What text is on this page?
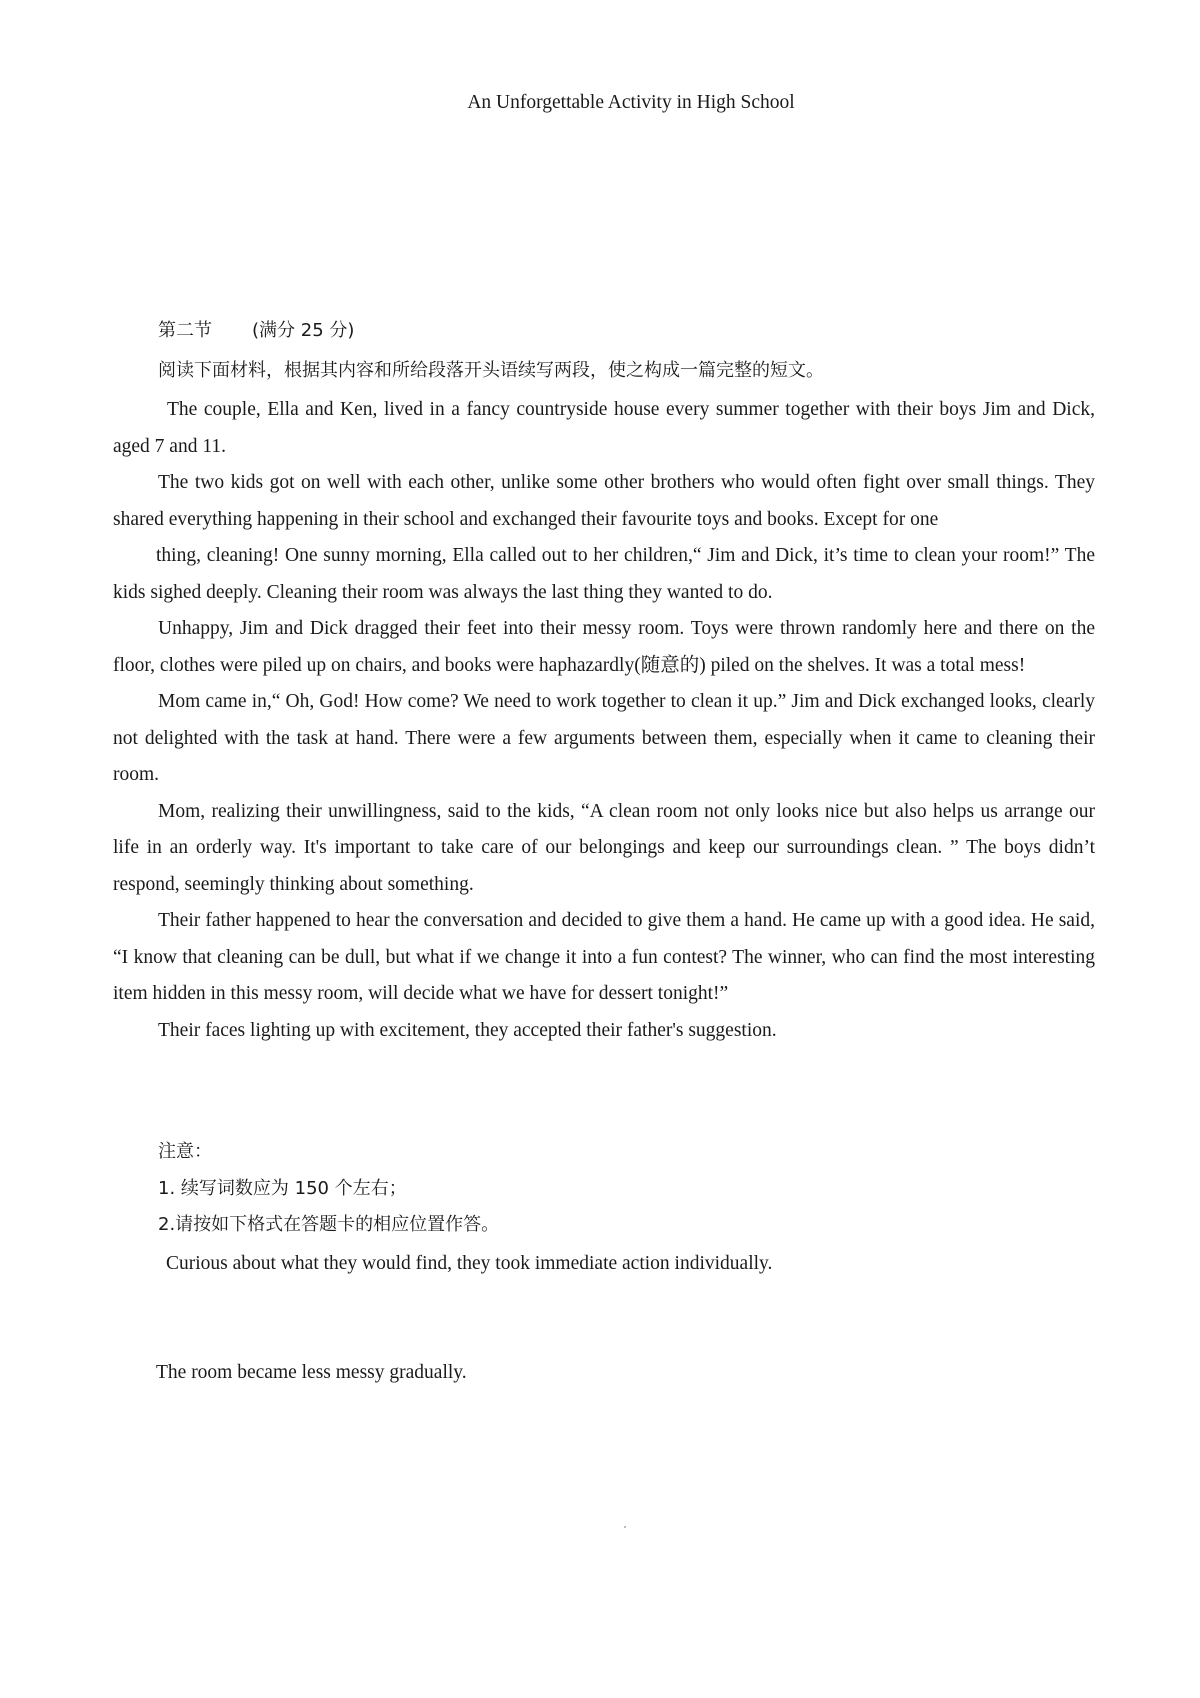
An Unforgettable Activity in High School
第二节 (满分 25 分)
阅读下面材料，根据其内容和所给段落开头语续写两段，使之构成一篇完整的短文。

The couple, Ella and Ken, lived in a fancy countryside house every summer together with their boys Jim and Dick, aged 7 and 11.

The two kids got on well with each other, unlike some other brothers who would often fight over small things. They shared everything happening in their school and exchanged their favourite toys and books. Except for one

thing, cleaning! One sunny morning, Ella called out to her children,“ Jim and Dick, it’s time to clean your room!” The kids sighed deeply. Cleaning their room was always the last thing they wanted to do.

Unhappy, Jim and Dick dragged their feet into their messy room. Toys were thrown randomly here and there on the floor, clothes were piled up on chairs, and books were haphazardly(随意的) piled on the shelves. It was a total mess!

Mom came in,“ Oh, God! How come? We need to work together to clean it up.” Jim and Dick exchanged looks, clearly not delighted with the task at hand. There were a few arguments between them, especially when it came to cleaning their room.

Mom, realizing their unwillingness, said to the kids, “A clean room not only looks nice but also helps us arrange our life in an orderly way. It's important to take care of our belongings and keep our surroundings clean. ” The boys didn’t respond, seemingly thinking about something.

Their father happened to hear the conversation and decided to give them a hand. He came up with a good idea. He said, “I know that cleaning can be dull, but what if we change it into a fun contest? The winner, who can find the most interesting item hidden in this messy room, will decide what we have for dessert tonight!”

Their faces lighting up with excitement, they accepted their father's suggestion.

注意：
1. 续写词数应为 150 个左右；
2.请按如下格式在答题卡的相应位置作答。
Curious about what they would find, they took immediate action individually.
The room became less messy gradually.
